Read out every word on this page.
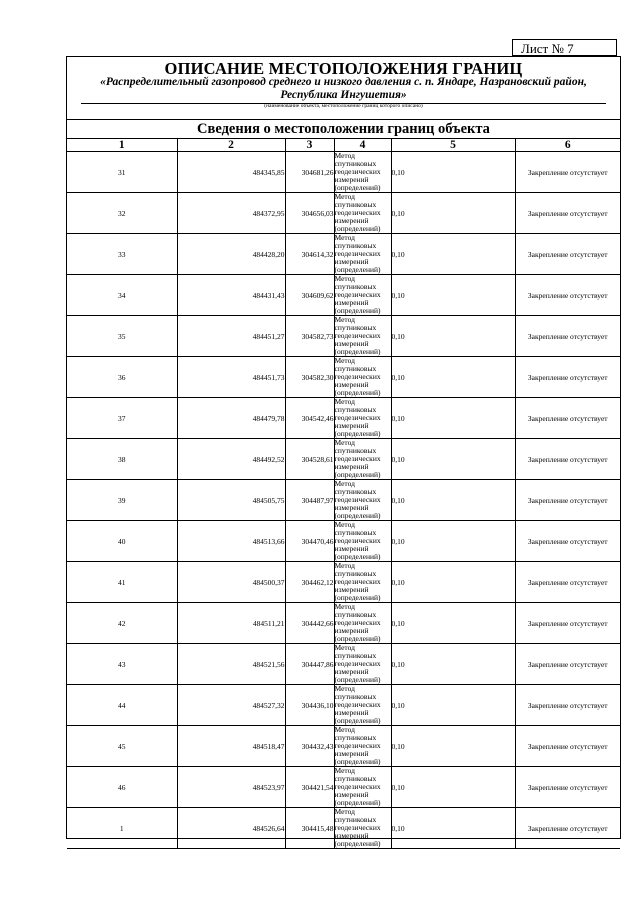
Лист № 7
ОПИСАНИЕ МЕСТОПОЛОЖЕНИЯ ГРАНИЦ
«Распределительный газопровод среднего и низкого давления с. п. Яндаре, Назрановский район, Республика Ингушетия»
(наименование объекта, местоположение границ которого описано)
Сведения о местоположении границ объекта
1	2	3	4	5	6
31	484345,85	304681,26	Метод спутниковых геодезических измерений (определений)	0,10	Закрепление отсутствует
32	484372,95	304656,03	Метод спутниковых геодезических измерений (определений)	0,10	Закрепление отсутствует
33	484428,20	304614,32	Метод спутниковых геодезических измерений (определений)	0,10	Закрепление отсутствует
34	484431,43	304609,62	Метод спутниковых геодезических измерений (определений)	0,10	Закрепление отсутствует
35	484451,27	304582,73	Метод спутниковых геодезических измерений (определений)	0,10	Закрепление отсутствует
36	484451,73	304582,30	Метод спутниковых геодезических измерений (определений)	0,10	Закрепление отсутствует
37	484479,78	304542,46	Метод спутниковых геодезических измерений (определений)	0,10	Закрепление отсутствует
38	484492,52	304528,61	Метод спутниковых геодезических измерений (определений)	0,10	Закрепление отсутствует
39	484505,75	304487,97	Метод спутниковых геодезических измерений (определений)	0,10	Закрепление отсутствует
40	484513,66	304470,46	Метод спутниковых геодезических измерений (определений)	0,10	Закрепление отсутствует
41	484500,37	304462,12	Метод спутниковых геодезических измерений (определений)	0,10	Закрепление отсутствует
42	484511,21	304442,66	Метод спутниковых геодезических измерений (определений)	0,10	Закрепление отсутствует
43	484521,56	304447,86	Метод спутниковых геодезических измерений (определений)	0,10	Закрепление отсутствует
44	484527,32	304436,10	Метод спутниковых геодезических измерений (определений)	0,10	Закрепление отсутствует
45	484518,47	304432,43	Метод спутниковых геодезических измерений (определений)	0,10	Закрепление отсутствует
46	484523,97	304421,54	Метод спутниковых геодезических измерений (определений)	0,10	Закрепление отсутствует
1	484526,64	304415,48	Метод спутниковых геодезических измерений (определений)	0,10	Закрепление отсутствует
